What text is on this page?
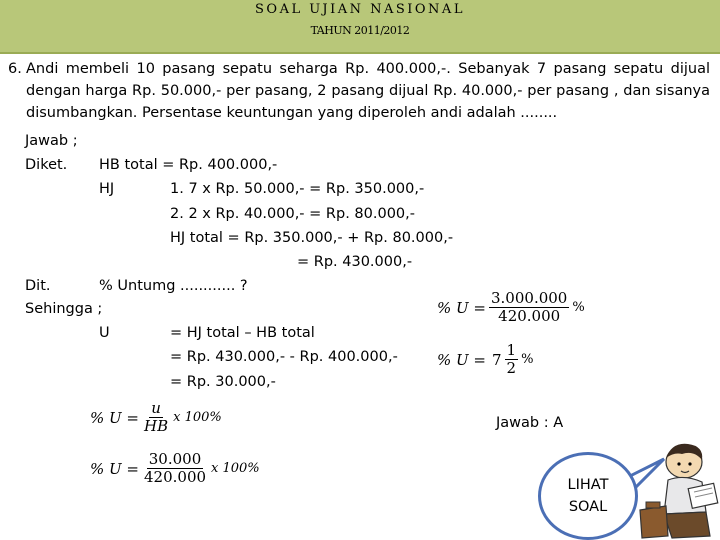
SOAL UJIAN NASIONAL
TAHUN 2011/2012
6. Andi membeli 10 pasang sepatu seharga Rp. 400.000,-. Sebanyak 7 pasang sepatu dijual dengan harga Rp. 50.000,- per pasang, 2 pasang dijual Rp. 40.000,- per pasang , dan sisanya disumbangkan. Persentase keuntungan yang diperoleh andi adalah ........
Jawab ;
Diket. HB total = Rp. 400.000,-
HJ	1. 7 x Rp. 50.000,- = Rp. 350.000,-
2. 2 x Rp. 40.000,- = Rp. 80.000,-
HJ total = Rp. 350.000,- + Rp. 80.000,-
= Rp. 430.000,-
Dit.	% Untumg ............ ?
Sehingga ;
U	= HJ total – HB total
= Rp. 430.000,- - Rp. 400.000,-
= Rp. 30.000,-
% $U = \frac{u}{HB}$ x 100%
% $U = \frac{30.000}{420.000}$ x 100%
% $U = \frac{3.000.000}{420.000}$ %
% $U = 7 \frac{1}{2}$ %
Jawab : A
LIHAT
SOAL
